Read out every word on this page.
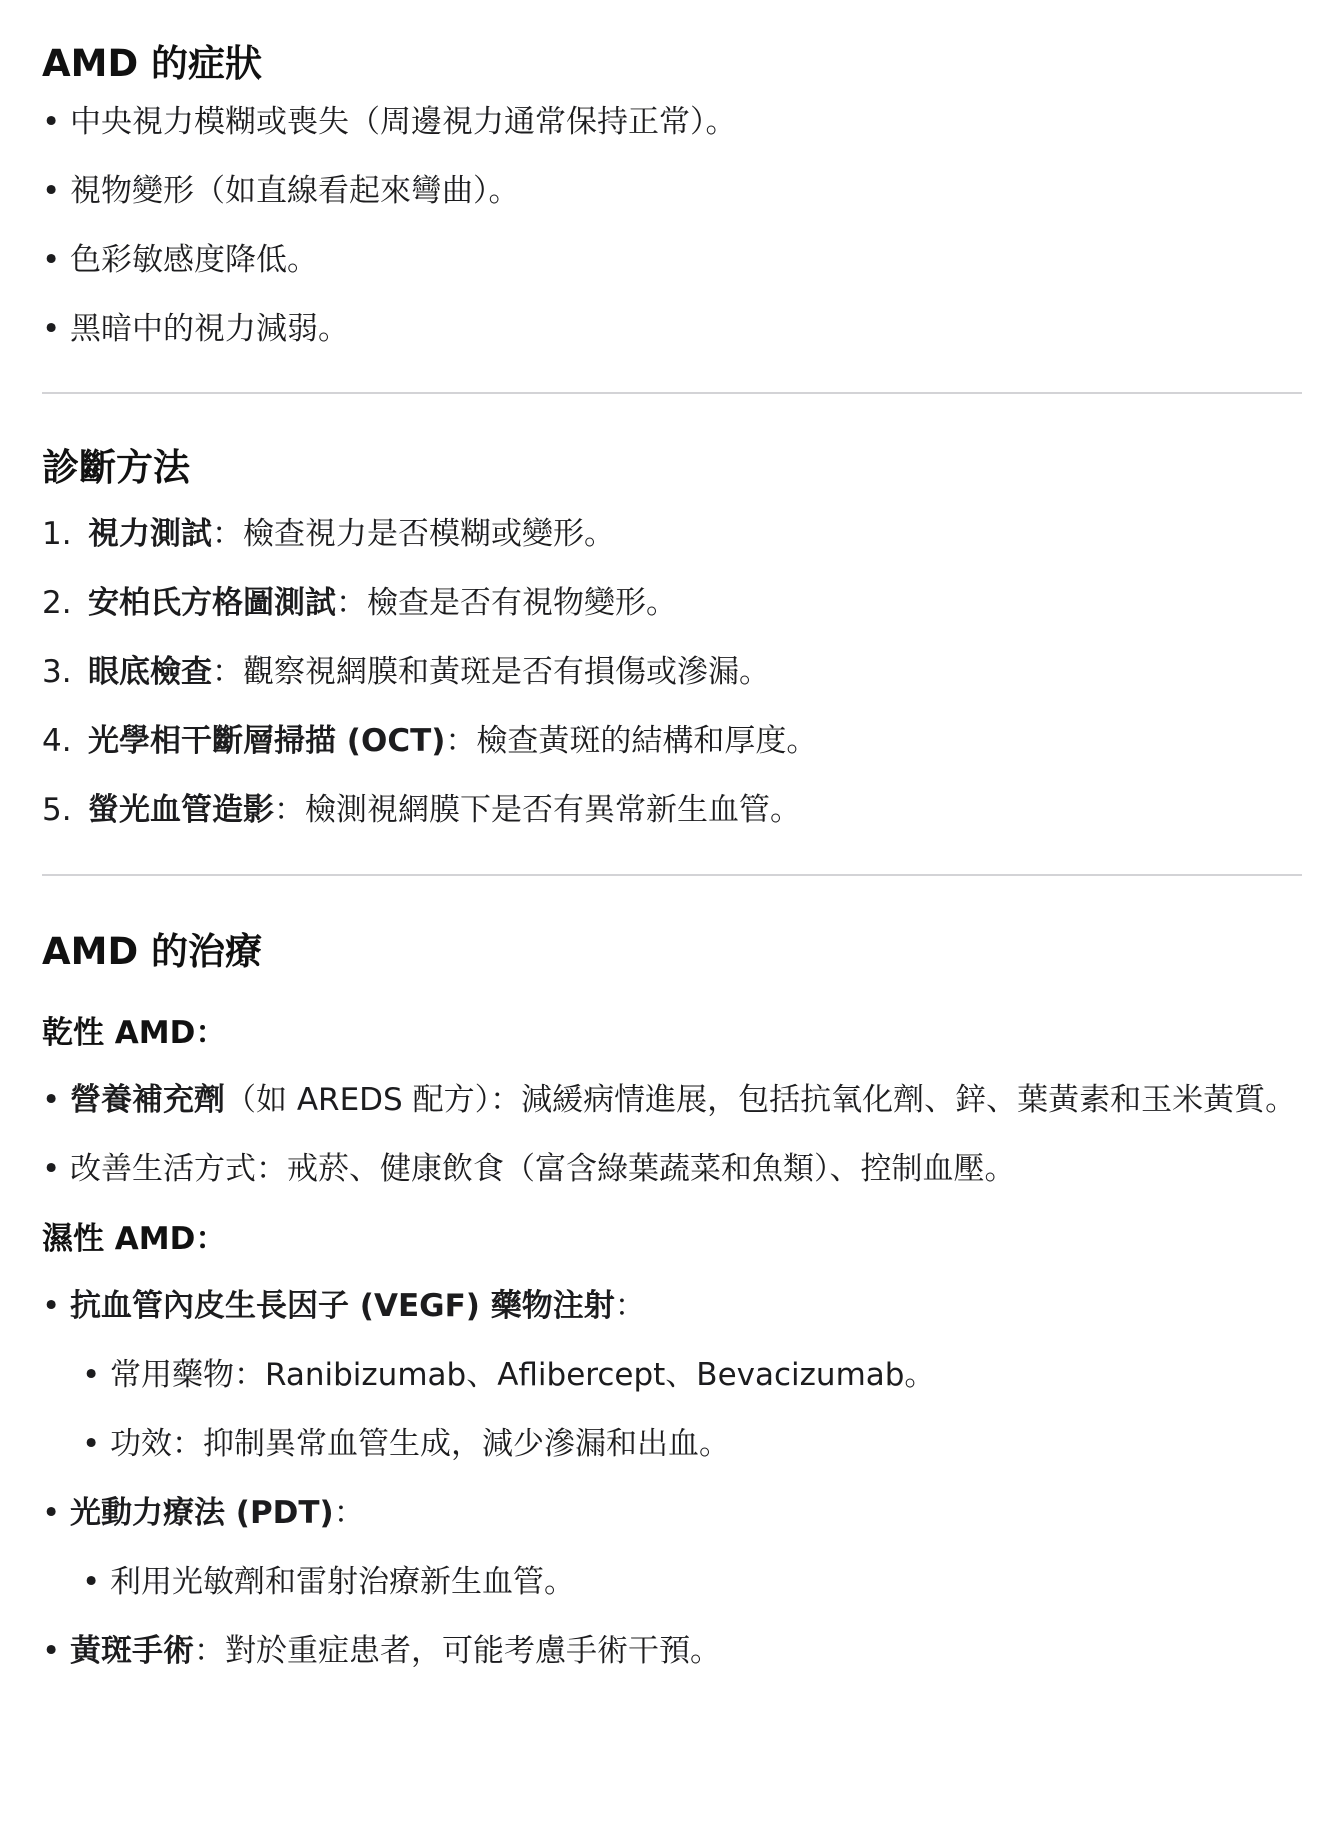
AMD 的症狀
• 中央視力模糊或喪失（周邊視力通常保持正常）。
• 視物變形（如直線看起來彎曲）。
• 色彩敏感度降低。
• 黑暗中的視力減弱。
診斷方法
1. 視力測試：檢查視力是否模糊或變形。
2. 安柏氏方格圖測試：檢查是否有視物變形。
3. 眼底檢查：觀察視網膜和黃斑是否有損傷或滲漏。
4. 光學相干斷層掃描 (OCT)：檢查黃斑的結構和厚度。
5. 螢光血管造影：檢測視網膜下是否有異常新生血管。
AMD 的治療
乾性 AMD：
• 營養補充劑（如 AREDS 配方）：減緩病情進展，包括抗氧化劑、鋅、葉黃素和玉米黃質。
• 改善生活方式：戒菸、健康飲食（富含綠葉蔬菜和魚類）、控制血壓。
濕性 AMD：
• 抗血管內皮生長因子 (VEGF) 藥物注射：
• 常用藥物：Ranibizumab、Aflibercept、Bevacizumab。
• 功效：抑制異常血管生成，減少滲漏和出血。
• 光動力療法 (PDT)：
• 利用光敏劑和雷射治療新生血管。
• 黃斑手術：對於重症患者，可能考慮手術干預。
